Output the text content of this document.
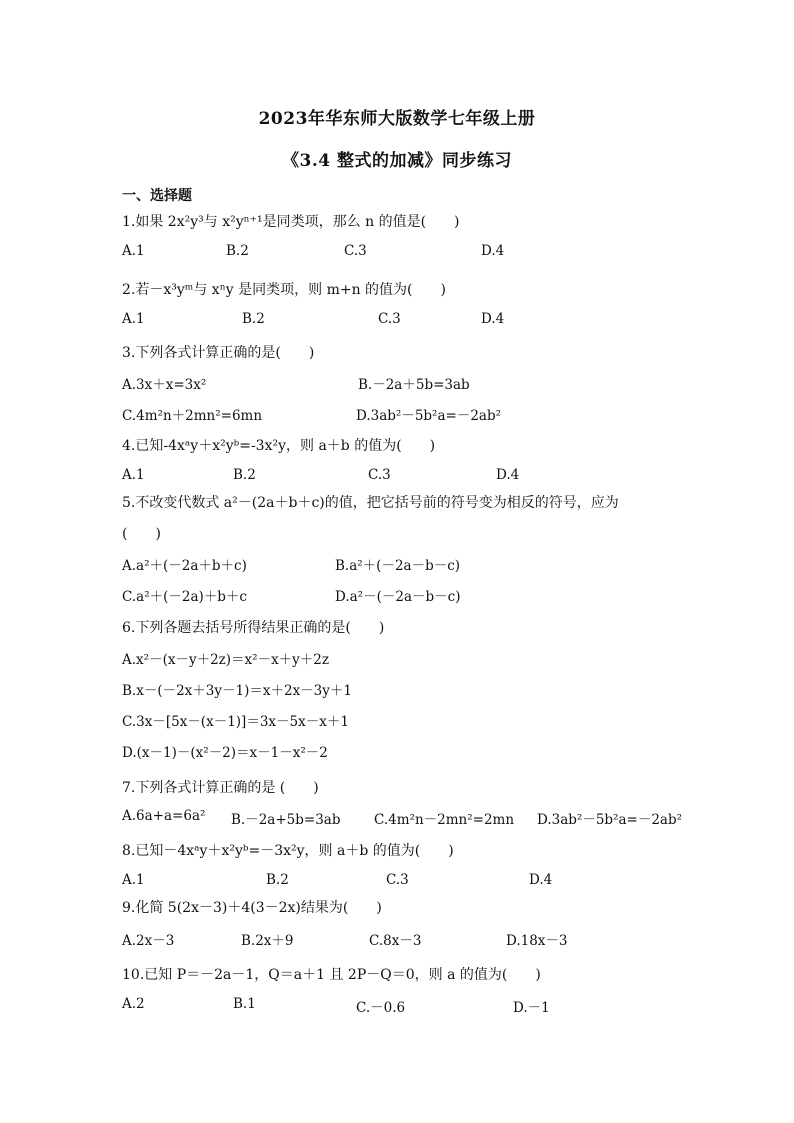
2023年华东师大版数学七年级上册
《3.4 整式的加减》同步练习
一、选择题
1.如果 2x²y³与 x²yⁿ⁺¹是同类项，那么 n 的值是(　　)
A.1	B.2	C.3	D.4
2.若－x³yᵐ与 xⁿy 是同类项，则 m+n 的值为(　　)
A.1	B.2	C.3	D.4
3.下列各式计算正确的是(　　)
A.3x＋x=3x²	B.－2a＋5b=3ab
C.4m²n＋2mn²=6mn	D.3ab²－5b²a=－2ab²
4.已知-4xᵃy＋x²yᵇ=-3x²y，则 a＋b 的值为(　　)
A.1	B.2	C.3	D.4
5.不改变代数式 a²－(2a＋b＋c)的值，把它括号前的符号变为相反的符号，应为
(　　)
A.a²＋(－2a＋b＋c)	B.a²＋(－2a－b－c)
C.a²＋(－2a)＋b＋c	D.a²－(－2a－b－c)
6.下列各题去括号所得结果正确的是(　　)
A.x²－(x－y＋2z)＝x²－x＋y＋2z
B.x－(－2x＋3y－1)＝x＋2x－3y＋1
C.3x－[5x－(x－1)]＝3x－5x－x＋1
D.(x－1)－(x²－2)＝x－1－x²－2
7.下列各式计算正确的是 (　　)
A.6a+a=6a² B.－2a+5b=3ab C.4m²n－2mn²=2mn D.3ab²－5b²a=－2ab²
8.已知－4xᵃy＋x²yᵇ=－3x²y，则 a＋b 的值为(　　)
A.1	B.2	C.3	D.4
9.化简 5(2x－3)＋4(3－2x)结果为(　　)
A.2x－3	B.2x＋9	C.8x－3	D.18x－3
10.已知 P＝－2a－1，Q＝a＋1 且 2P－Q＝0，则 a 的值为(　　)
A.2	B.1	C.－0.6	D.－1
